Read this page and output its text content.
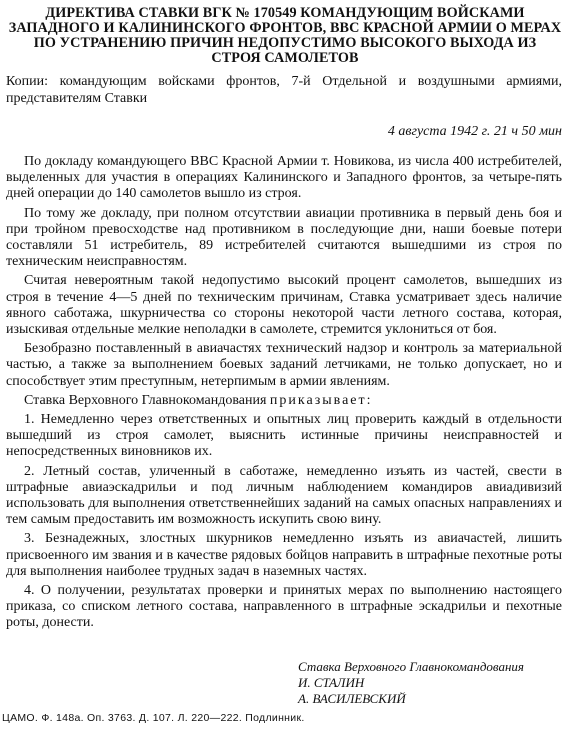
ДИРЕКТИВА СТАВКИ ВГК № 170549 КОМАНДУЮЩИМ ВОЙСКАМИ ЗАПАДНОГО И КАЛИНИНСКОГО ФРОНТОВ, ВВС КРАСНОЙ АРМИИ О МЕРАХ ПО УСТРАНЕНИЮ ПРИЧИН НЕДОПУСТИМО ВЫСОКОГО ВЫХОДА ИЗ СТРОЯ САМОЛЕТОВ

Копии: командующим войсками фронтов, 7-й Отдельной и воздушными армиями, представителям Ставки

4 августа 1942 г. 21 ч 50 мин

По докладу командующего ВВС Красной Армии т. Новикова, из числа 400 истребителей, выделенных для участия в операциях Калининского и Западного фронтов, за четыре-пять дней операции до 140 самолетов вышло из строя.

По тому же докладу, при полном отсутствии авиации противника в первый день боя и при тройном превосходстве над противником в последующие дни, наши боевые потери составляли 51 истребитель, 89 истребителей считаются вышедшими из строя по техническим неисправностям.

Считая невероятным такой недопустимо высокий процент самолетов, вышедших из строя в течение 4—5 дней по техническим причинам, Ставка усматривает здесь наличие явного саботажа, шкурничества со стороны некоторой части летного состава, которая, изыскивая отдельные мелкие неполадки в самолете, стремится уклониться от боя.

Безобразно поставленный в авиачастях технический надзор и контроль за материальной частью, а также за выполнением боевых заданий летчиками, не только допускает, но и способствует этим преступным, нетерпимым в армии явлениям.

Ставка Верховного Главнокомандования приказывает:

1. Немедленно через ответственных и опытных лиц проверить каждый в отдельности вышедший из строя самолет, выяснить истинные причины неисправностей и непосредственных виновников их.

2. Летный состав, уличенный в саботаже, немедленно изъять из частей, свести в штрафные авиаэскадрильи и под личным наблюдением командиров авиадивизий использовать для выполнения ответственнейших заданий на самых опасных направлениях и тем самым предоставить им возможность искупить свою вину.

3. Безнадежных, злостных шкурников немедленно изъять из авиачастей, лишить присвоенного им звания и в качестве рядовых бойцов направить в штрафные пехотные роты для выполнения наиболее трудных задач в наземных частях.

4. О получении, результатах проверки и принятых мерах по выполнению настоящего приказа, со списком летного состава, направленного в штрафные эскадрильи и пехотные роты, донести.

Ставка Верховного Главнокомандования
И. СТАЛИН
А. ВАСИЛЕВСКИЙ
ЦАМО. Ф. 148а. Оп. 3763. Д. 107. Л. 220—222. Подлинник.
